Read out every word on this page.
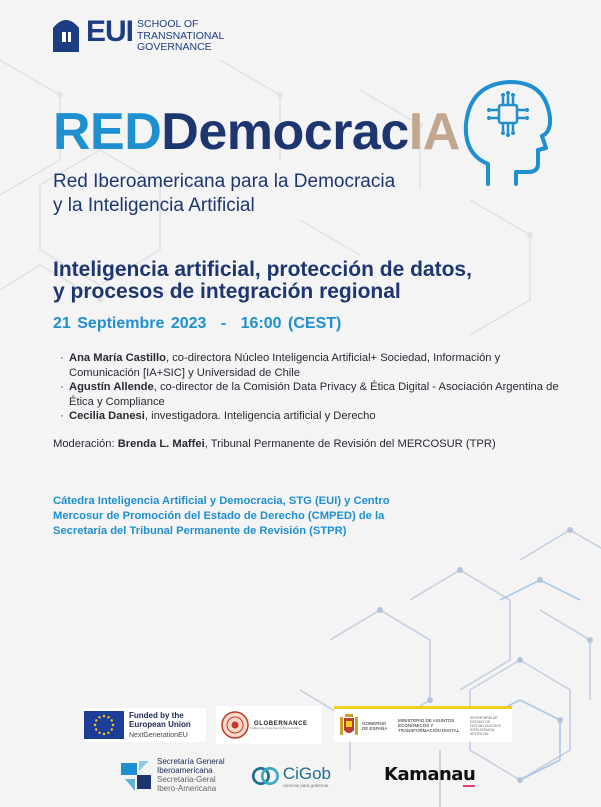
EUI SCHOOL OF
TRANSNATIONAL
GOVERNANCE
REDDemocracIA
Red Iberoamericana para la Democracia
y la Inteligencia Artificial
Inteligencia artificial, protección de datos,
y procesos de integración regional
21 Septiembre 2023 - 16:00 (CEST)
· Ana María Castillo, co-directora Núcleo Inteligencia Artificial+ Sociedad, Información y Comunicación [IA+SIC] y Universidad de Chile
· Agustín Allende, co-director de la Comisión Data Privacy & Ética Digital - Asociación Argentina de Ética y Compliance
· Cecilia Danesi, investigadora. Inteligencia artificial y Derecho
Moderación: Brenda L. Maffei, Tribunal Permanente de Revisión del MERCOSUR (TPR)
Cátedra Inteligencia Artificial y Democracia, STG (EUI) y Centro Mercosur de Promoción del Estado de Derecho (CMPED) de la Secretaría del Tribunal Permanente de Revisión (STPR)
Funded by the
European Union
NextGenerationEU
GLOBERNANCE
Instituto de Gobernanza Democrática
GOBIERNO DE ESPAÑA
MINISTERIO DE ASUNTOS ECONÓMICOS Y TRANSFORMACIÓN DIGITAL
SECRETARÍA DE ESTADO DE DIGITALIZACIÓN E INTELIGENCIA ARTIFICIAL
Secretaría General
Iberoamericana
Secretaria-Geral
Ibero-Americana
CiGob
ciencias para gobernar	Kamanau
